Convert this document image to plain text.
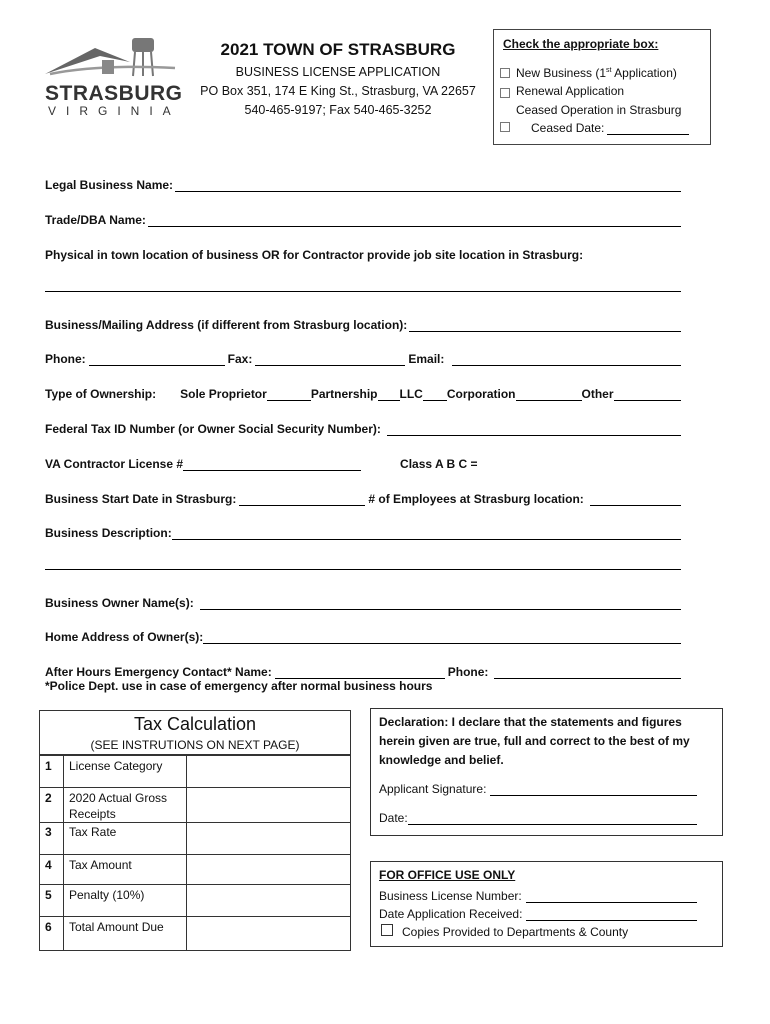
STRASBURG
VIRGINIA
2021 TOWN OF STRASBURG
BUSINESS LICENSE APPLICATION
PO Box 351, 174 E King St., Strasburg, VA 22657
540-465-9197; Fax 540-465-3252
Check the appropriate box:
New Business (1st Application)
Renewal Application
Ceased Operation in Strasburg
Ceased Date:
Legal Business Name:
Trade/DBA Name:
Physical in town location of business OR for Contractor provide job site location in Strasburg:
Business/Mailing Address (if different from Strasburg location):
Phone:	Fax:	Email:
Type of Ownership: Sole Proprietor	Partnership LLC Corporation	Other
Federal Tax ID Number (or Owner Social Security Number):
VA Contractor License #	Class A B C =
Business Start Date in Strasburg:	# of Employees at Strasburg location:
Business Description:
Business Owner Name(s):
Home Address of Owner(s):
After Hours Emergency Contact* Name:	Phone:
*Police Dept. use in case of emergency after normal business hours
Tax Calculation
(SEE INSTRUTIONS ON NEXT PAGE)
1 License Category
2 2020 Actual Gross Receipts
3 Tax Rate
4 Tax Amount
5 Penalty (10%)
6 Total Amount Due
Declaration: I declare that the statements and figures herein given are true, full and correct to the best of my knowledge and belief.
Applicant Signature:
Date:
FOR OFFICE USE ONLY
Business License Number:
Date Application Received:
Copies Provided to Departments & County
